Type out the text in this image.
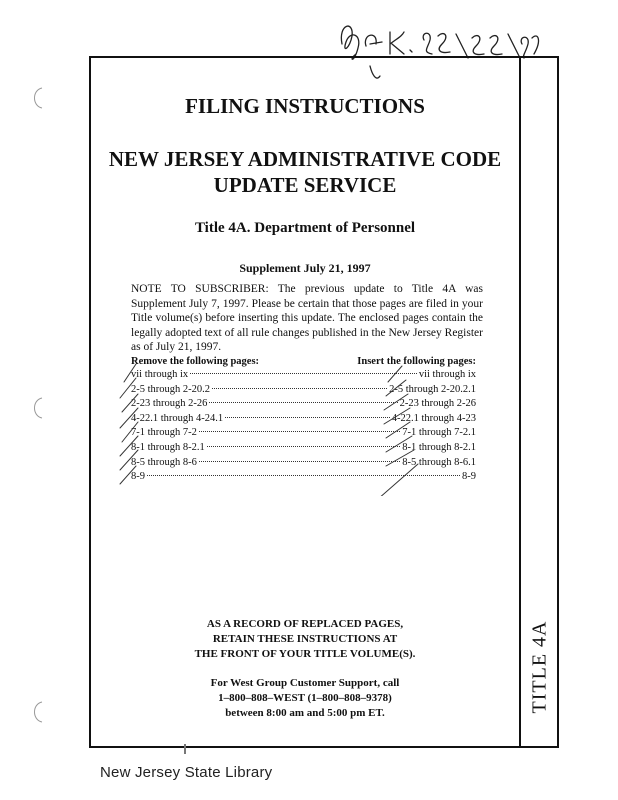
TITLE 4A
FILING INSTRUCTIONS
NEW JERSEY ADMINISTRATIVE CODE
UPDATE SERVICE
Title 4A. Department of Personnel
Supplement July 21, 1997
NOTE TO SUBSCRIBER: The previous update to Title 4A was Supplement July 7, 1997. Please be certain that those pages are filed in your Title volume(s) before inserting this update. The enclosed pages contain the legally adopted text of all rule changes published in the New Jersey Register as of July 21, 1997.
Remove the following pages:	Insert the following pages:
vii through ix	vii through ix
2-5 through 2-20.2	2-5 through 2-20.2.1
2-23 through 2-26	2-23 through 2-26
4-22.1 through 4-24.1	4-22.1 through 4-23
7-1 through 7-2	7-1 through 7-2.1
8-1 through 8-2.1	8-1 through 8-2.1
8-5 through 8-6	8-5 through 8-6.1
8-9	8-9
AS A RECORD OF REPLACED PAGES,
RETAIN THESE INSTRUCTIONS AT
THE FRONT OF YOUR TITLE VOLUME(S).
For West Group Customer Support, call
1–800–808–WEST (1–800–808–9378)
between 8:00 am and 5:00 pm ET.
New Jersey State Library
